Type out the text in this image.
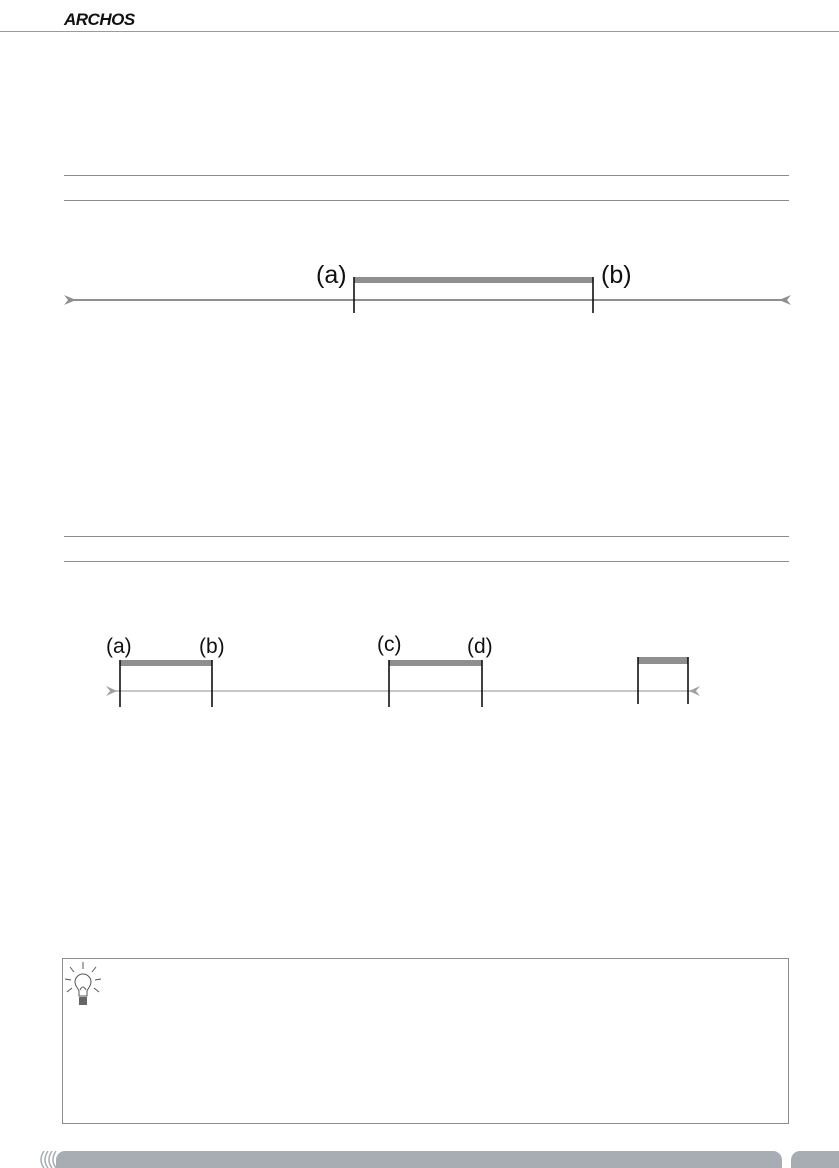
ARCHOS
(a)	(b)
(a)	(b)	(c)	(d)
